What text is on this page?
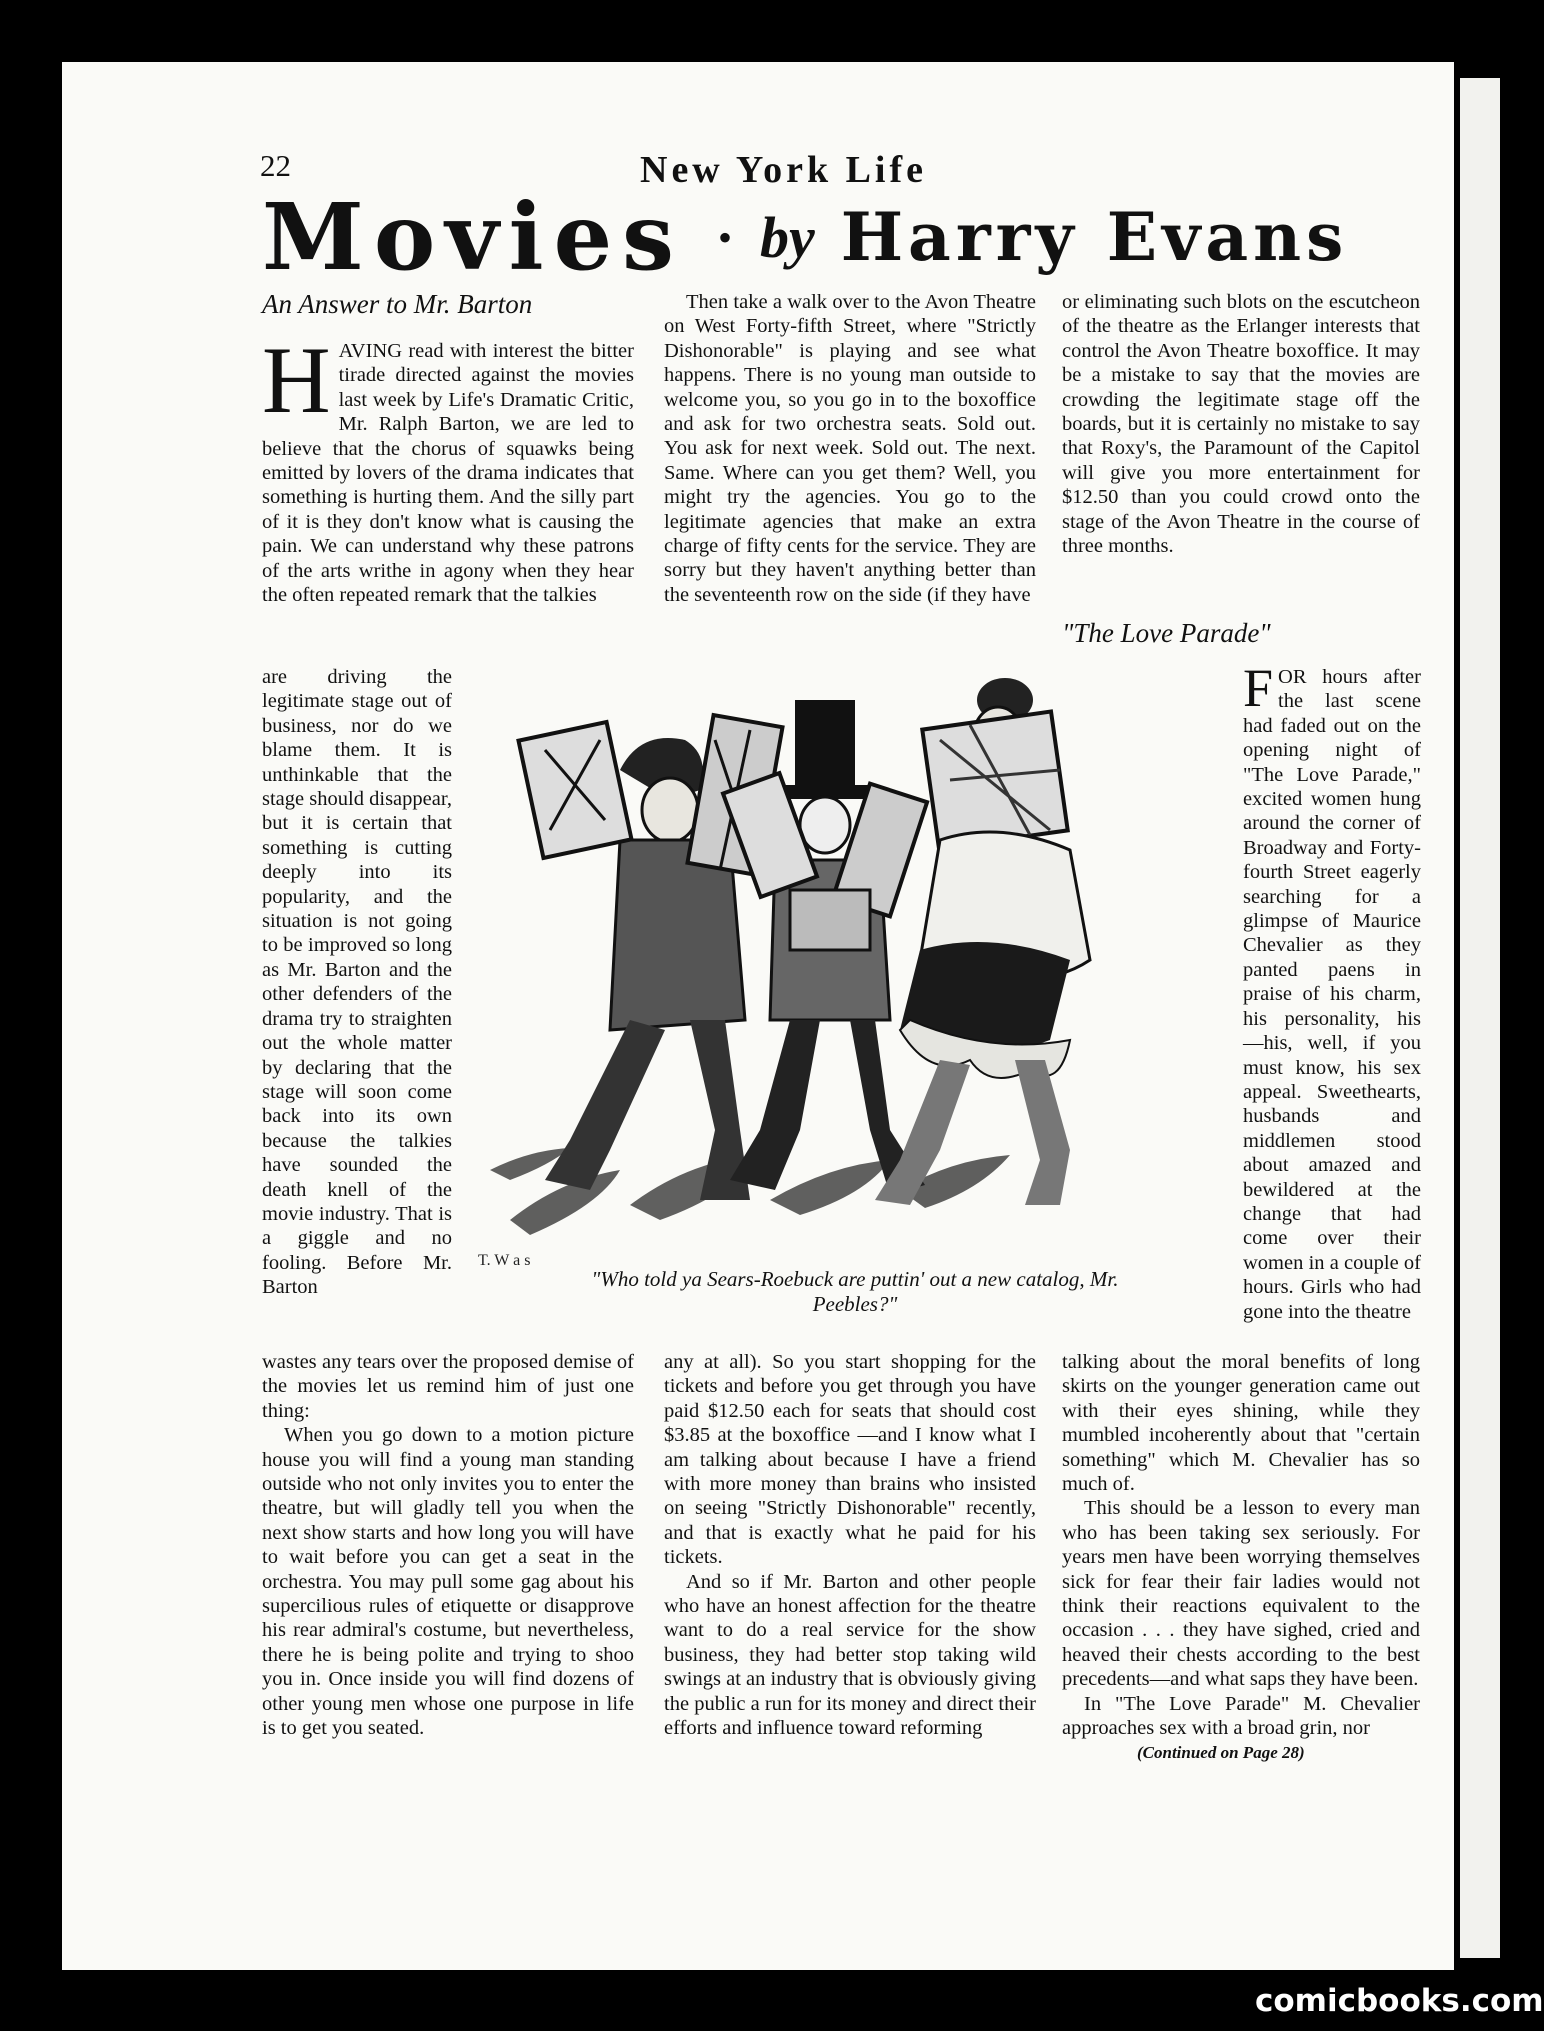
22	New York Life
Movies • by Harry Evans
An Answer to Mr. Barton

HAVING read with interest the bitter tirade directed against the movies last week by Life's Dramatic Critic, Mr. Ralph Barton, we are led to believe that the chorus of squawks being emitted by lovers of the drama indicates that something is hurting them. And the silly part of it is they don't know what is causing the pain. We can understand why these patrons of the arts writhe in agony when they hear the often repeated remark that the talkies

are driving the legitimate stage out of business, nor do we blame them. It is unthinkable that the stage should disappear, but it is certain that something is cutting deeply into its popularity, and the situation is not going to be improved so long as Mr. Barton and the other defenders of the drama try to straighten out the whole matter by declaring that the stage will soon come back into its own because the talkies have sounded the death knell of the movie industry. That is a giggle and no fooling. Before Mr. Barton

wastes any tears over the proposed demise of the movies let us remind him of just one thing:

When you go down to a motion picture house you will find a young man standing outside who not only invites you to enter the theatre, but will gladly tell you when the next show starts and how long you will have to wait before you can get a seat in the orchestra. You may pull some gag about his supercilious rules of etiquette or disapprove his rear admiral's costume, but nevertheless, there he is being polite and trying to shoo you in. Once inside you will find dozens of other young men whose one purpose in life is to get you seated.

Then take a walk over to the Avon Theatre on West Forty-fifth Street, where "Strictly Dishonorable" is playing and see what happens. There is no young man outside to welcome you, so you go in to the boxoffice and ask for two orchestra seats. Sold out. You ask for next week. Sold out. The next. Same. Where can you get them? Well, you might try the agencies. You go to the legitimate agencies that make an extra charge of fifty cents for the service. They are sorry but they haven't anything better than the seventeenth row on the side (if they have

any at all). So you start shopping for the tickets and before you get through you have paid $12.50 each for seats that should cost $3.85 at the boxoffice —and I know what I am talking about because I have a friend with more money than brains who insisted on seeing "Strictly Dishonorable" recently, and that is exactly what he paid for his tickets.

And so if Mr. Barton and other people who have an honest affection for the theatre want to do a real service for the show business, they had better stop taking wild swings at an industry that is obviously giving the public a run for its money and direct their efforts and influence toward reforming

or eliminating such blots on the escutcheon of the theatre as the Erlanger interests that control the Avon Theatre boxoffice. It may be a mistake to say that the movies are crowding the legitimate stage off the boards, but it is certainly no mistake to say that Roxy's, the Paramount of the Capitol will give you more entertainment for $12.50 than you could crowd onto the stage of the Avon Theatre in the course of three months.

"The Love Parade"

FOR hours after the last scene had faded out on the opening night of "The Love Parade," excited women hung around the corner of Broadway and Forty-fourth Street eagerly searching for a glimpse of Maurice Chevalier as they panted paens in praise of his charm, his personality, his —his, well, if you must know, his sex appeal. Sweethearts, husbands and middlemen stood about amazed and bewildered at the change that had come over their women in a couple of hours. Girls who had gone into the theatre

talking about the moral benefits of long skirts on the younger generation came out with their eyes shining, while they mumbled incoherently about that "certain something" which M. Chevalier has so much of.

This should be a lesson to every man who has been taking sex seriously. For years men have been worrying themselves sick for fear their fair ladies would not think their reactions equivalent to the occasion . . . they have sighed, cried and heaved their chests according to the best precedents—and what saps they have been.

In "The Love Parade" M. Chevalier approaches sex with a broad grin, nor

T. W a s
"Who told ya Sears-Roebuck are puttin' out a new catalog, Mr. Peebles?"
(Continued on Page 28)
comicbooks.com
